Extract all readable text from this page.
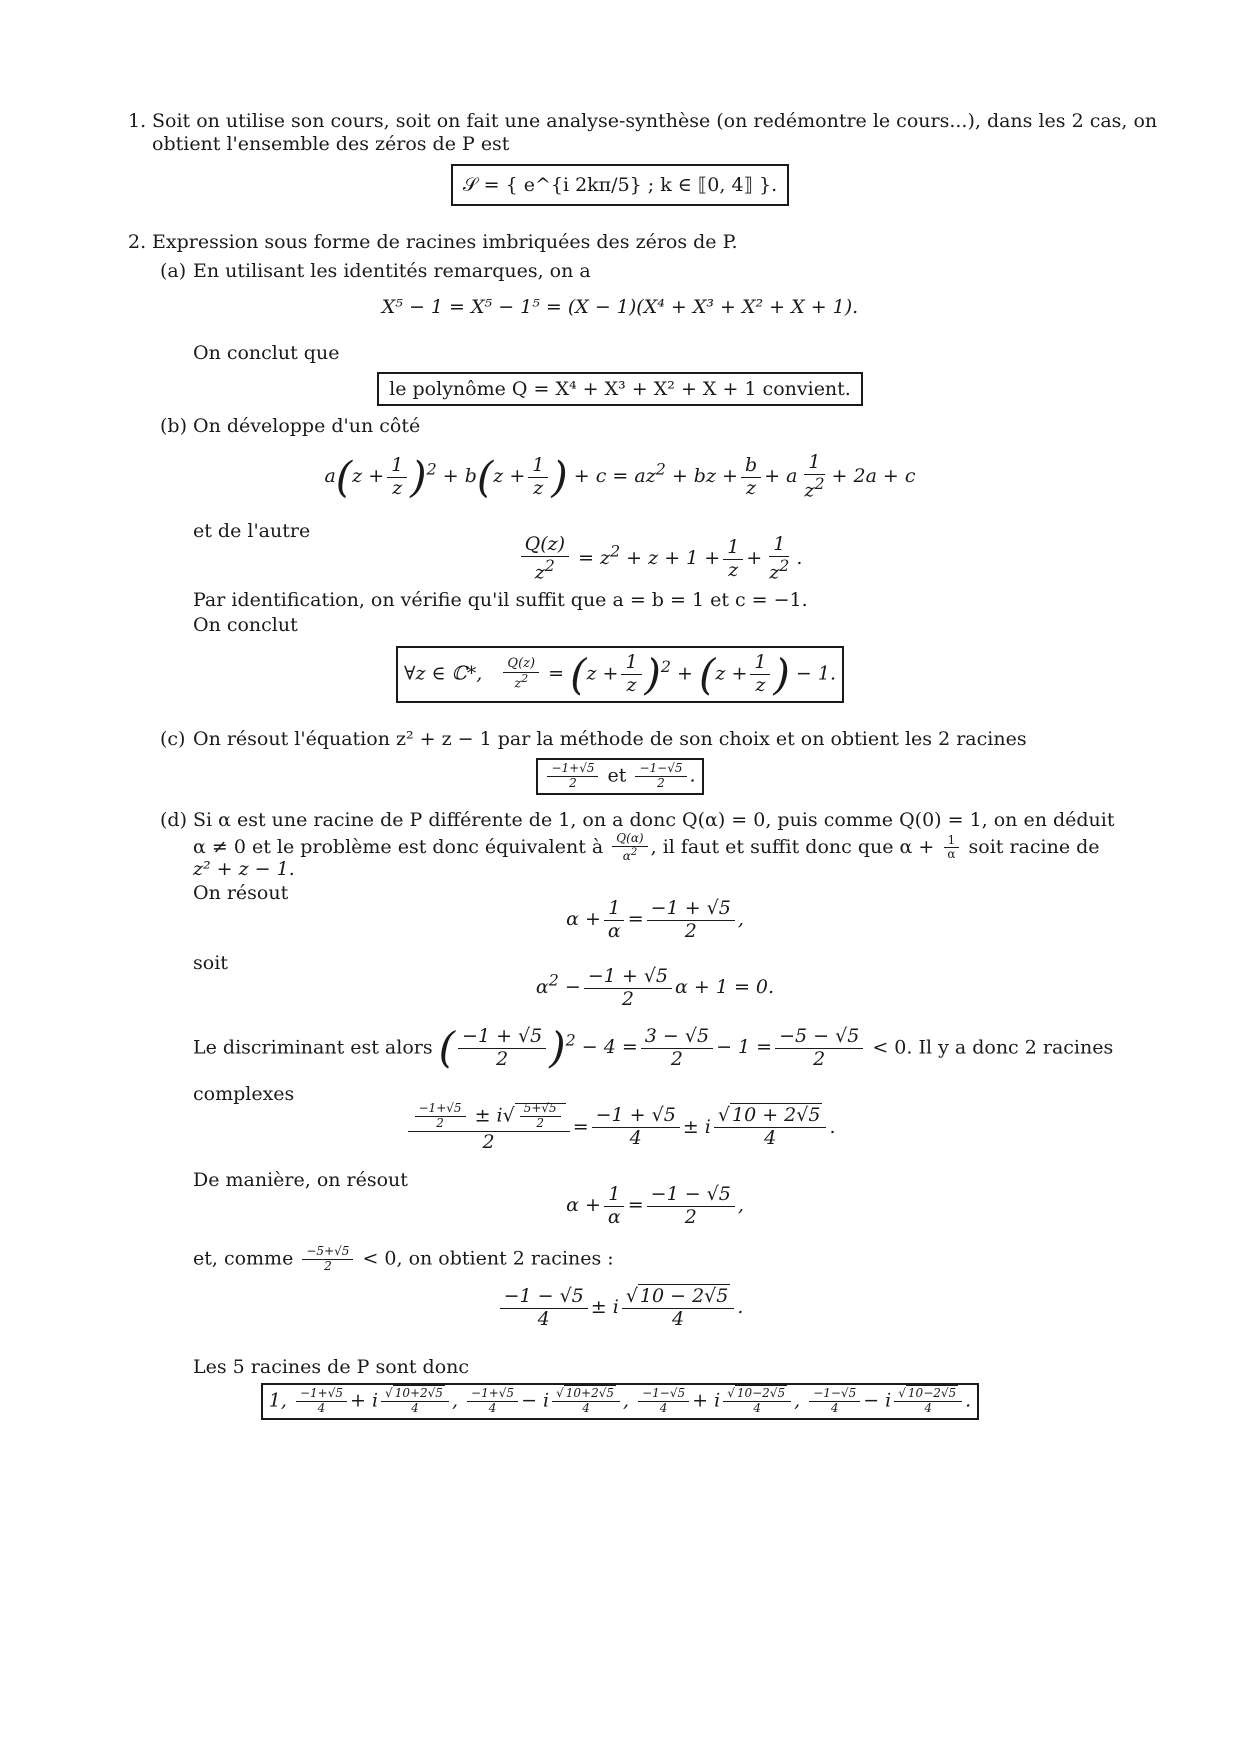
1. Soit on utilise son cours, soit on fait une analyse-synthèse (on redémontre le cours...), dans les 2 cas, on
obtient l'ensemble des zéros de P est
𝒮 = { e^{i 2kπ/5} ; k ∈ ⟦0, 4⟧ }.
2. Expression sous forme de racines imbriquées des zéros de P.
(a) En utilisant les identités remarques, on a
X⁵ − 1 = X⁵ − 1⁵ = (X − 1)(X⁴ + X³ + X² + X + 1).
On conclut que
le polynôme Q = X⁴ + X³ + X² + X + 1 convient.
(b) On développe d'un côté
$a(z + \frac{1}{z} )^2 + b(z + \frac{1}{z}$ ) + $c = az^2$ + bz + $\frac{b}{z} + a \frac{1}{z^2} + 2a + c$
et de l'autre
$\frac{Q(z)}{z^2} = z^2 + z + 1 + \frac{1}{z} + \frac{1}{z^2}$ .
Par identification, on vérifie qu'il suffit que a = b = 1 et c = −1.
On conclut
∀z ∈ ℂ*, $\frac{Q(z)}{z^2} = (z + \frac{1}{z} )^2 + (z + \frac{1}{z}$ ) − 1.
(c) On résout l'équation z² + z − 1 par la méthode de son choix et on obtient les 2 racines
$\frac{-1+√5}{2}$ et $\frac{-1-√5}{2}$ .
(d) Si α est une racine de P différente de 1, on a donc Q(α) = 0, puis comme Q(0) = 1, on en déduit
α ≠ 0 et le problème est donc équivalent à $\frac{Q(\alpha)}{\alpha^2}$ , il faut et suffit donc que $\alpha + \frac{1}{\alpha}$ soit racine de
z² + z − 1.
On résout
$\alpha + \frac{1}{\alpha} = \frac{-1 + √5}{2}$ ,
soit
$\alpha^2 - \frac{-1 + √5}{2}$ α + 1 = 0.
Le discriminant est alors ( $\frac{-1 + √5}{2} )^2 - 4 = \frac{3 - √5}{2} - 1 = \frac{-5 - √5}{2} < 0$. Il y a donc 2 racines
complexes
$\frac{\frac{-1+√5}{2} \pm i√ \frac{5+√5}{2}}{2} = \frac{-1 + √5}{4} \pm i \frac{√ 10 + 2√5}{4}$ .
De manière, on résout
$\alpha + \frac{1}{\alpha} = \frac{-1 - √5}{2}$ ,
et, comme $\frac{-5+√5}{2} < 0$, on obtient 2 racines :
$\frac{-1 - √5}{4} \pm i \frac{√ 10 - 2√5}{4}$ .
Les 5 racines de P sont donc
1, $\frac{-1+√5}{4} + i \frac{√ 10+2√5}{4}$ , $\frac{-1+√5}{4} - i \frac{√ 10+2√5}{4}$ , $\frac{-1-√5}{4} + i \frac{√ 10-2√5}{4}$ , $\frac{-1-√5}{4} - i \frac{√ 10-2√5}{4}$ .
